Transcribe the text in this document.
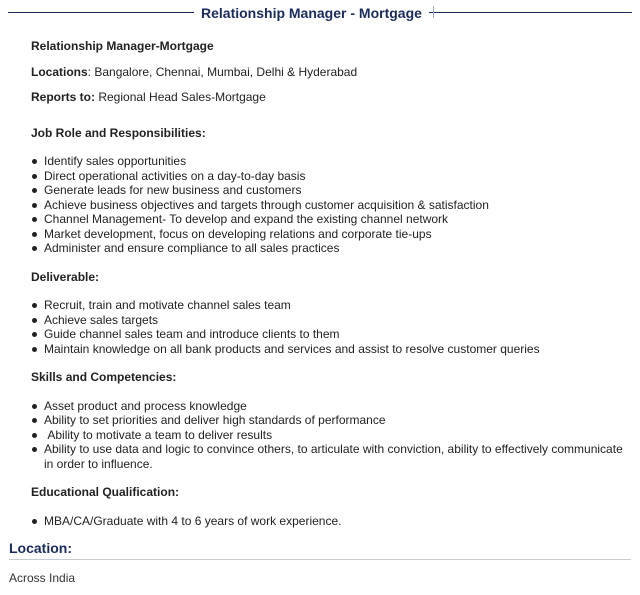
Relationship Manager - Mortgage

Relationship Manager-Mortgage

Locations: Bangalore, Chennai, Mumbai, Delhi & Hyderabad

Reports to: Regional Head Sales-Mortgage

Job Role and Responsibilities:

Identify sales opportunities
Direct operational activities on a day-to-day basis
Generate leads for new business and customers
Achieve business objectives and targets through customer acquisition & satisfaction
Channel Management- To develop and expand the existing channel network
Market development, focus on developing relations and corporate tie-ups
Administer and ensure compliance to all sales practices

Deliverable:

Recruit, train and motivate channel sales team
Achieve sales targets
Guide channel sales team and introduce clients to them
Maintain knowledge on all bank products and services and assist to resolve customer queries

Skills and Competencies:

Asset product and process knowledge
Ability to set priorities and deliver high standards of performance
Ability to motivate a team to deliver results
Ability to use data and logic to convince others, to articulate with conviction, ability to effectively communicate in order to influence.

Educational Qualification:

MBA/CA/Graduate with 4 to 6 years of work experience.
Location:
Across India
